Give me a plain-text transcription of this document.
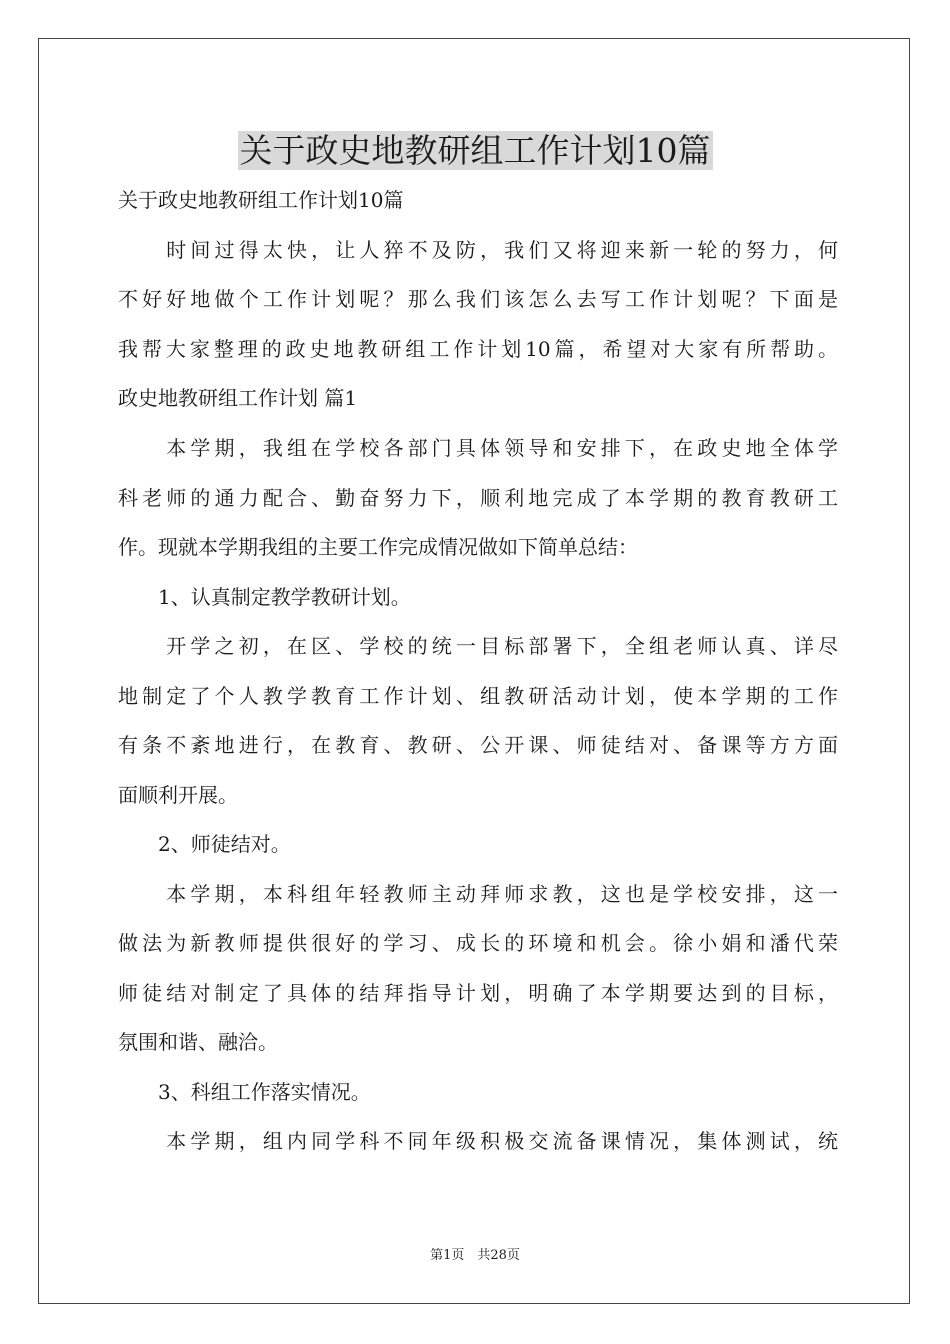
关于政史地教研组工作计划10篇
关于政史地教研组工作计划10篇
　　时间过得太快，让人猝不及防，我们又将迎来新一轮的努力，何
不好好地做个工作计划呢？那么我们该怎么去写工作计划呢？下面是
我帮大家整理的政史地教研组工作计划10篇，希望对大家有所帮助。
政史地教研组工作计划 篇1
　　本学期，我组在学校各部门具体领导和安排下，在政史地全体学
科老师的通力配合、勤奋努力下，顺利地完成了本学期的教育教研工
作。现就本学期我组的主要工作完成情况做如下简单总结：
　　1、认真制定教学教研计划。
　　开学之初，在区、学校的统一目标部署下，全组老师认真、详尽
地制定了个人教学教育工作计划、组教研活动计划，使本学期的工作
有条不紊地进行，在教育、教研、公开课、师徒结对、备课等方方面
面顺利开展。
　　2、师徒结对。
　　本学期，本科组年轻教师主动拜师求教，这也是学校安排，这一
做法为新教师提供很好的学习、成长的环境和机会。徐小娟和潘代荣
师徒结对制定了具体的结拜指导计划，明确了本学期要达到的目标，
氛围和谐、融洽。
　　3、科组工作落实情况。
　　本学期，组内同学科不同年级积极交流备课情况，集体测试，统
第1页　共28页
